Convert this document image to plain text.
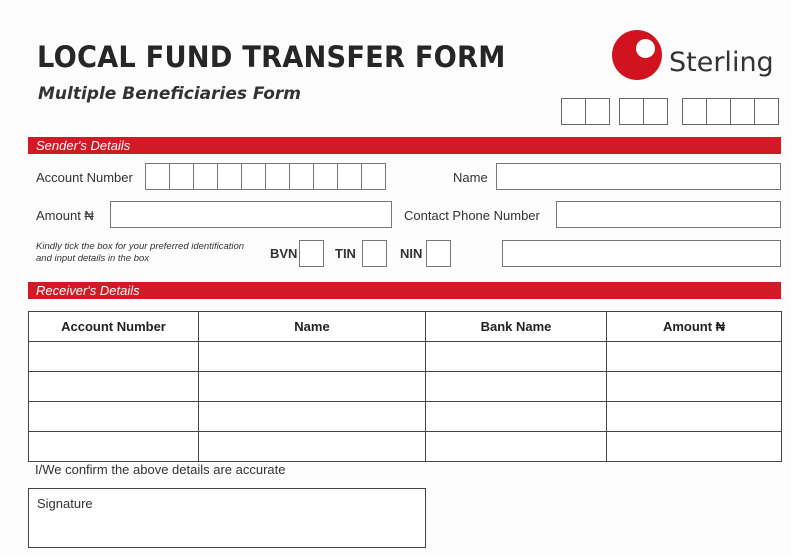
LOCAL FUND TRANSFER FORM
Multiple Beneficiaries Form
Sterling
Sender's Details
Account Number	Name
Amount ₦	Contact Phone Number
Kindly tick the box for your preferred identification and input details in the box	BVN	TIN	NIN
Receiver's Details
Account Number	Name	Bank Name	Amount ₦

I/We confirm the above details are accurate
Signature
